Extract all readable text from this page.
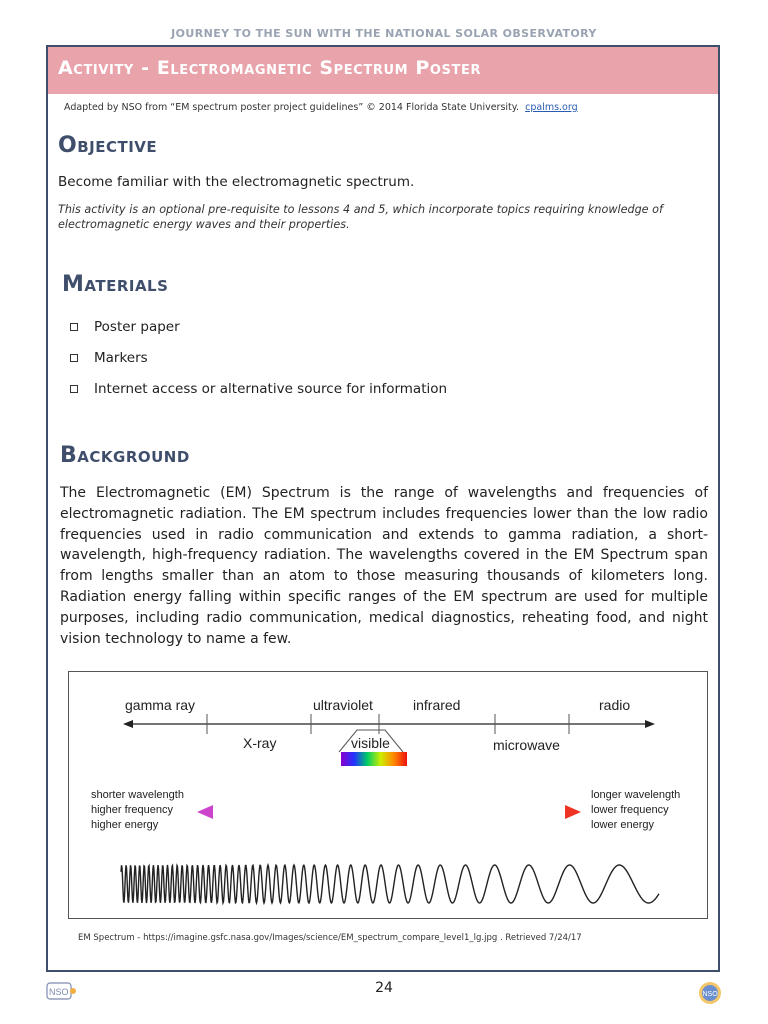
JOURNEY TO THE SUN WITH THE NATIONAL SOLAR OBSERVATORY
Activity - Electromagnetic Spectrum Poster
Adapted by NSO from “EM spectrum poster project guidelines” © 2014 Florida State University. cpalms.org
Objective
Become familiar with the electromagnetic spectrum.
This activity is an optional pre-requisite to lessons 4 and 5, which incorporate topics requiring knowledge of electromagnetic energy waves and their properties.
Materials
Poster paper
Markers
Internet access or alternative source for information
Background
The Electromagnetic (EM) Spectrum is the range of wavelengths and frequencies of electromagnetic radiation. The EM spectrum includes frequencies lower than the low radio frequencies used in radio communication and extends to gamma radiation, a short-wavelength, high-frequency radiation. The wavelengths covered in the EM Spectrum span from lengths smaller than an atom to those measuring thousands of kilometers long. Radiation energy falling within specific ranges of the EM spectrum are used for multiple purposes, including radio communication, medical diagnostics, reheating food, and night vision technology to name a few.
gamma ray	ultraviolet	infrared	radio
X-ray	visible	microwave
shorter wavelength
higher frequency
higher energy
longer wavelength
lower frequency
lower energy
EM Spectrum - https://imagine.gsfc.nasa.gov/Images/science/EM_spectrum_compare_level1_lg.jpg . Retrieved 7/24/17
24
NSO	NSO
